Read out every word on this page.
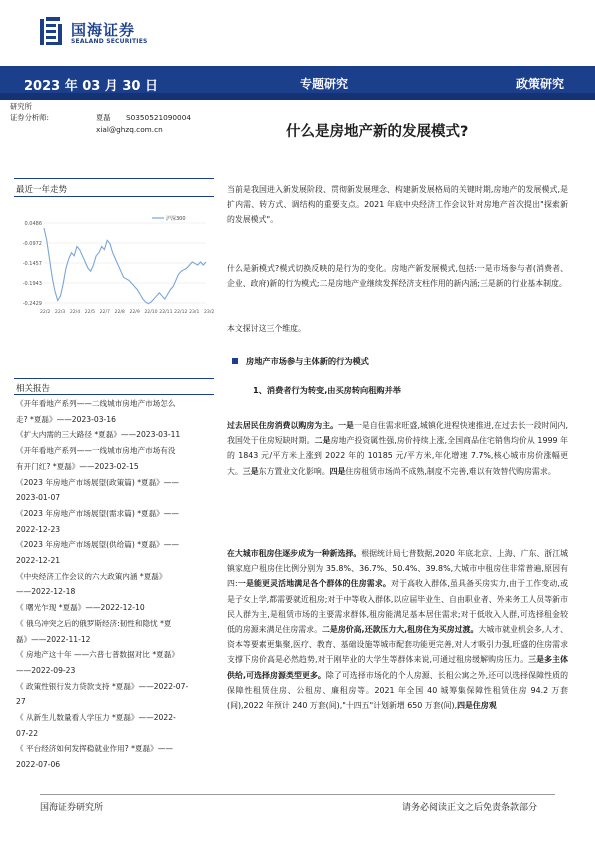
国海证券
SEALAND SECURITIES
2023 年 03 月 30 日	专题研究	政策研究
研究所
证券分析师:	夏磊 S0350521090004
xial@ghzq.com.cn	什么是房地产新的发展模式?
最近一年走势
0.0486
-0.0972
-0.1457
-0.1943
-0.2429
22/2 22/3 22/4 22/5 22/7 22/8 22/9 22/10 22/11 22/12 23/1 23/2
沪深300
相关报告
《开年看地产系列——二线城市房地产市场怎么
走? *夏磊》——2023-03-16
《扩大内需的三大路径 *夏磊》——2023-03-11
《开年看地产系列——一线城市房地产市场有没
有开门红? *夏磊》——2023-02-15
《2023 年房地产市场展望(政策篇) *夏磊》——
2023-01-07
《2023 年房地产市场展望(需求篇) *夏磊》——
2022-12-23
《2023 年房地产市场展望(供给篇) *夏磊》——
2022-12-21
《中央经济工作会议的六大政策内涵 *夏磊》
——2022-12-18
《 曙光乍现 *夏磊》——2022-12-10
《 俄乌冲突之后的俄罗斯经济:韧性和隐忧 *夏
磊》——2022-11-12
《 房地产这十年 ——六普七普数据对比 *夏磊》
——2022-09-23
《 政策性银行发力贷款支持 *夏磊》——2022-07-
27
《 从新生儿数量看人学压力 *夏磊》——2022-
07-22
《 平台经济如何发挥稳就业作用? *夏磊》——
2022-07-06
当前是我国进入新发展阶段、贯彻新发展理念、构建新发展格局的关键时期,房地产的发展模式,是扩内需、转方式、调结构的重要支点。2021 年底中央经济工作会议针对房地产首次提出"探索新的发展模式"。
什么是新模式?模式切换反映的是行为的变化。房地产新发展模式,包括:一是市场参与者(消费者、企业、政府)新的行为模式;二是房地产业继续发挥经济支柱作用的新内涵;三是新的行业基本制度。
本文探讨这三个维度。
房地产市场参与主体新的行为模式
1、消费者行为转变,由买房转向租购并举
过去居民住房消费以购房为主。一是一是自住需求旺盛,城镇化进程快速推进,在过去长一段时间内,我国处于住房短缺时期。二是房地产投资属性强,房价持续上涨,全国商品住宅销售均价从 1999 年的 1843 元/平方米上涨到 2022 年的 10185 元/平方米,年化增速 7.7%,核心城市房价涨幅更大。三是东方置业文化影响。四是住房租赁市场尚不成熟,制度不完善,难以有效替代购房需求。
在大城市租房住逐步成为一种新选择。根据统计局七普数据,2020 年底北京、上海、广东、浙江城镇家庭户租房住比例分别为 35.8%、36.7%、50.4%、39.8%,大城市中租房住非常普遍,原因有四:一是能更灵活地满足各个群体的住房需求。对于高收入群体,虽具备买房实力,由于工作变动,或是子女上学,都需要就近租房;对于中等收入群体,以应届毕业生、自由职业者、外来务工人员等新市民人群为主,是租赁市场的主要需求群体,租房能满足基本居住需求;对于低收入人群,可选择租金较低的房源来满足住房需求。二是房价高,还款压力大,租房住为买房过渡。大城市就业机会多,人才、资本等要素更集聚,医疗、教育、基础设施等城市配套功能更完善,对人才吸引力强,旺盛的住房需求支撑下房价高是必然趋势,对于刚毕业的大学生等群体来说,可通过租房缓解购房压力。三是多主体供给,可选择房源类型更多。除了可选择市场化的个人房源、长租公寓之外,还可以选择保障性质的保障性租赁住房、公租房、廉租房等。2021 年全国 40 城筹集保障性租赁住房 94.2 万套(间),2022 年预计 240 万套(间),"十四五"计划新增 650 万套(间),四是住房观
国海证券研究所	请务必阅读正文之后免责条款部分
